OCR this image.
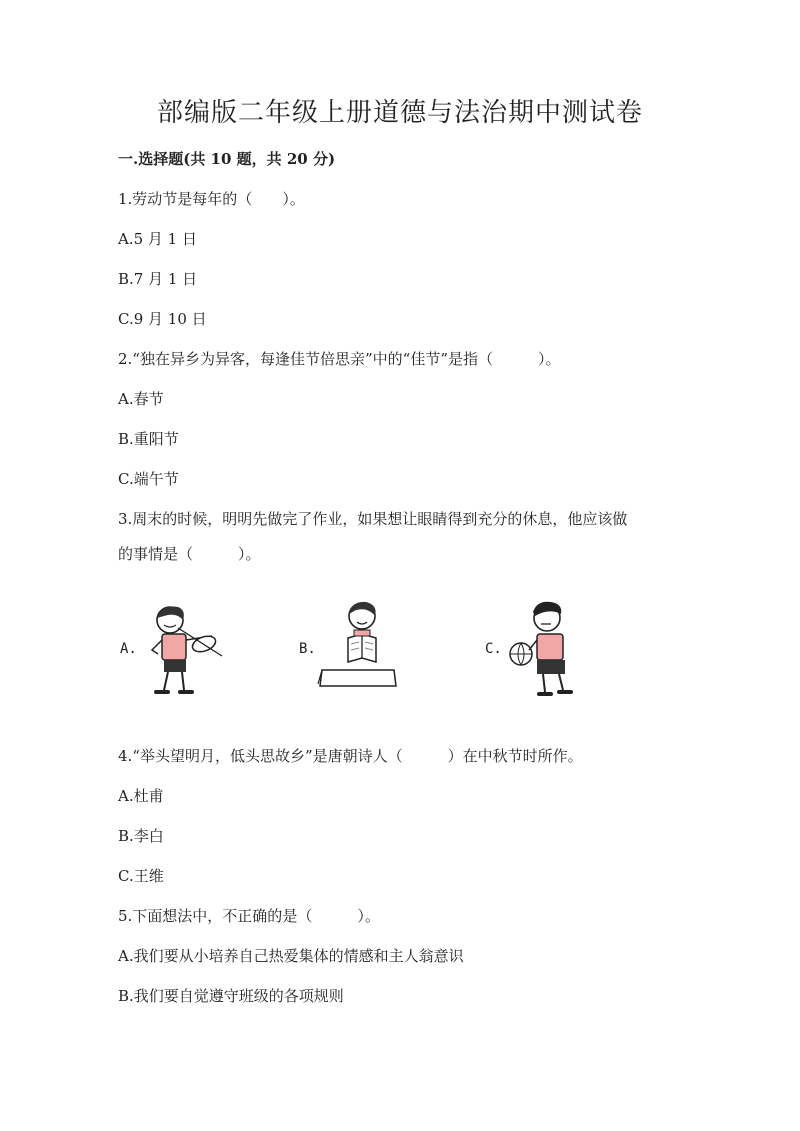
部编版二年级上册道德与法治期中测试卷
一.选择题(共 10 题，共 20 分)
1.劳动节是每年的（　　）。
A.5 月 1 日
B.7 月 1 日
C.9 月 10 日
2.“独在异乡为异客，每逢佳节倍思亲”中的“佳节”是指（　　　）。
A.春节
B.重阳节
C.端午节
3.周末的时候，明明先做完了作业，如果想让眼睛得到充分的休息，他应该做
的事情是（　　　）。
A.	B.	C.
4.“举头望明月，低头思故乡”是唐朝诗人（　　　）在中秋节时所作。
A.杜甫
B.李白
C.王维
5.下面想法中，不正确的是（　　　）。
A.我们要从小培养自己热爱集体的情感和主人翁意识
B.我们要自觉遵守班级的各项规则
